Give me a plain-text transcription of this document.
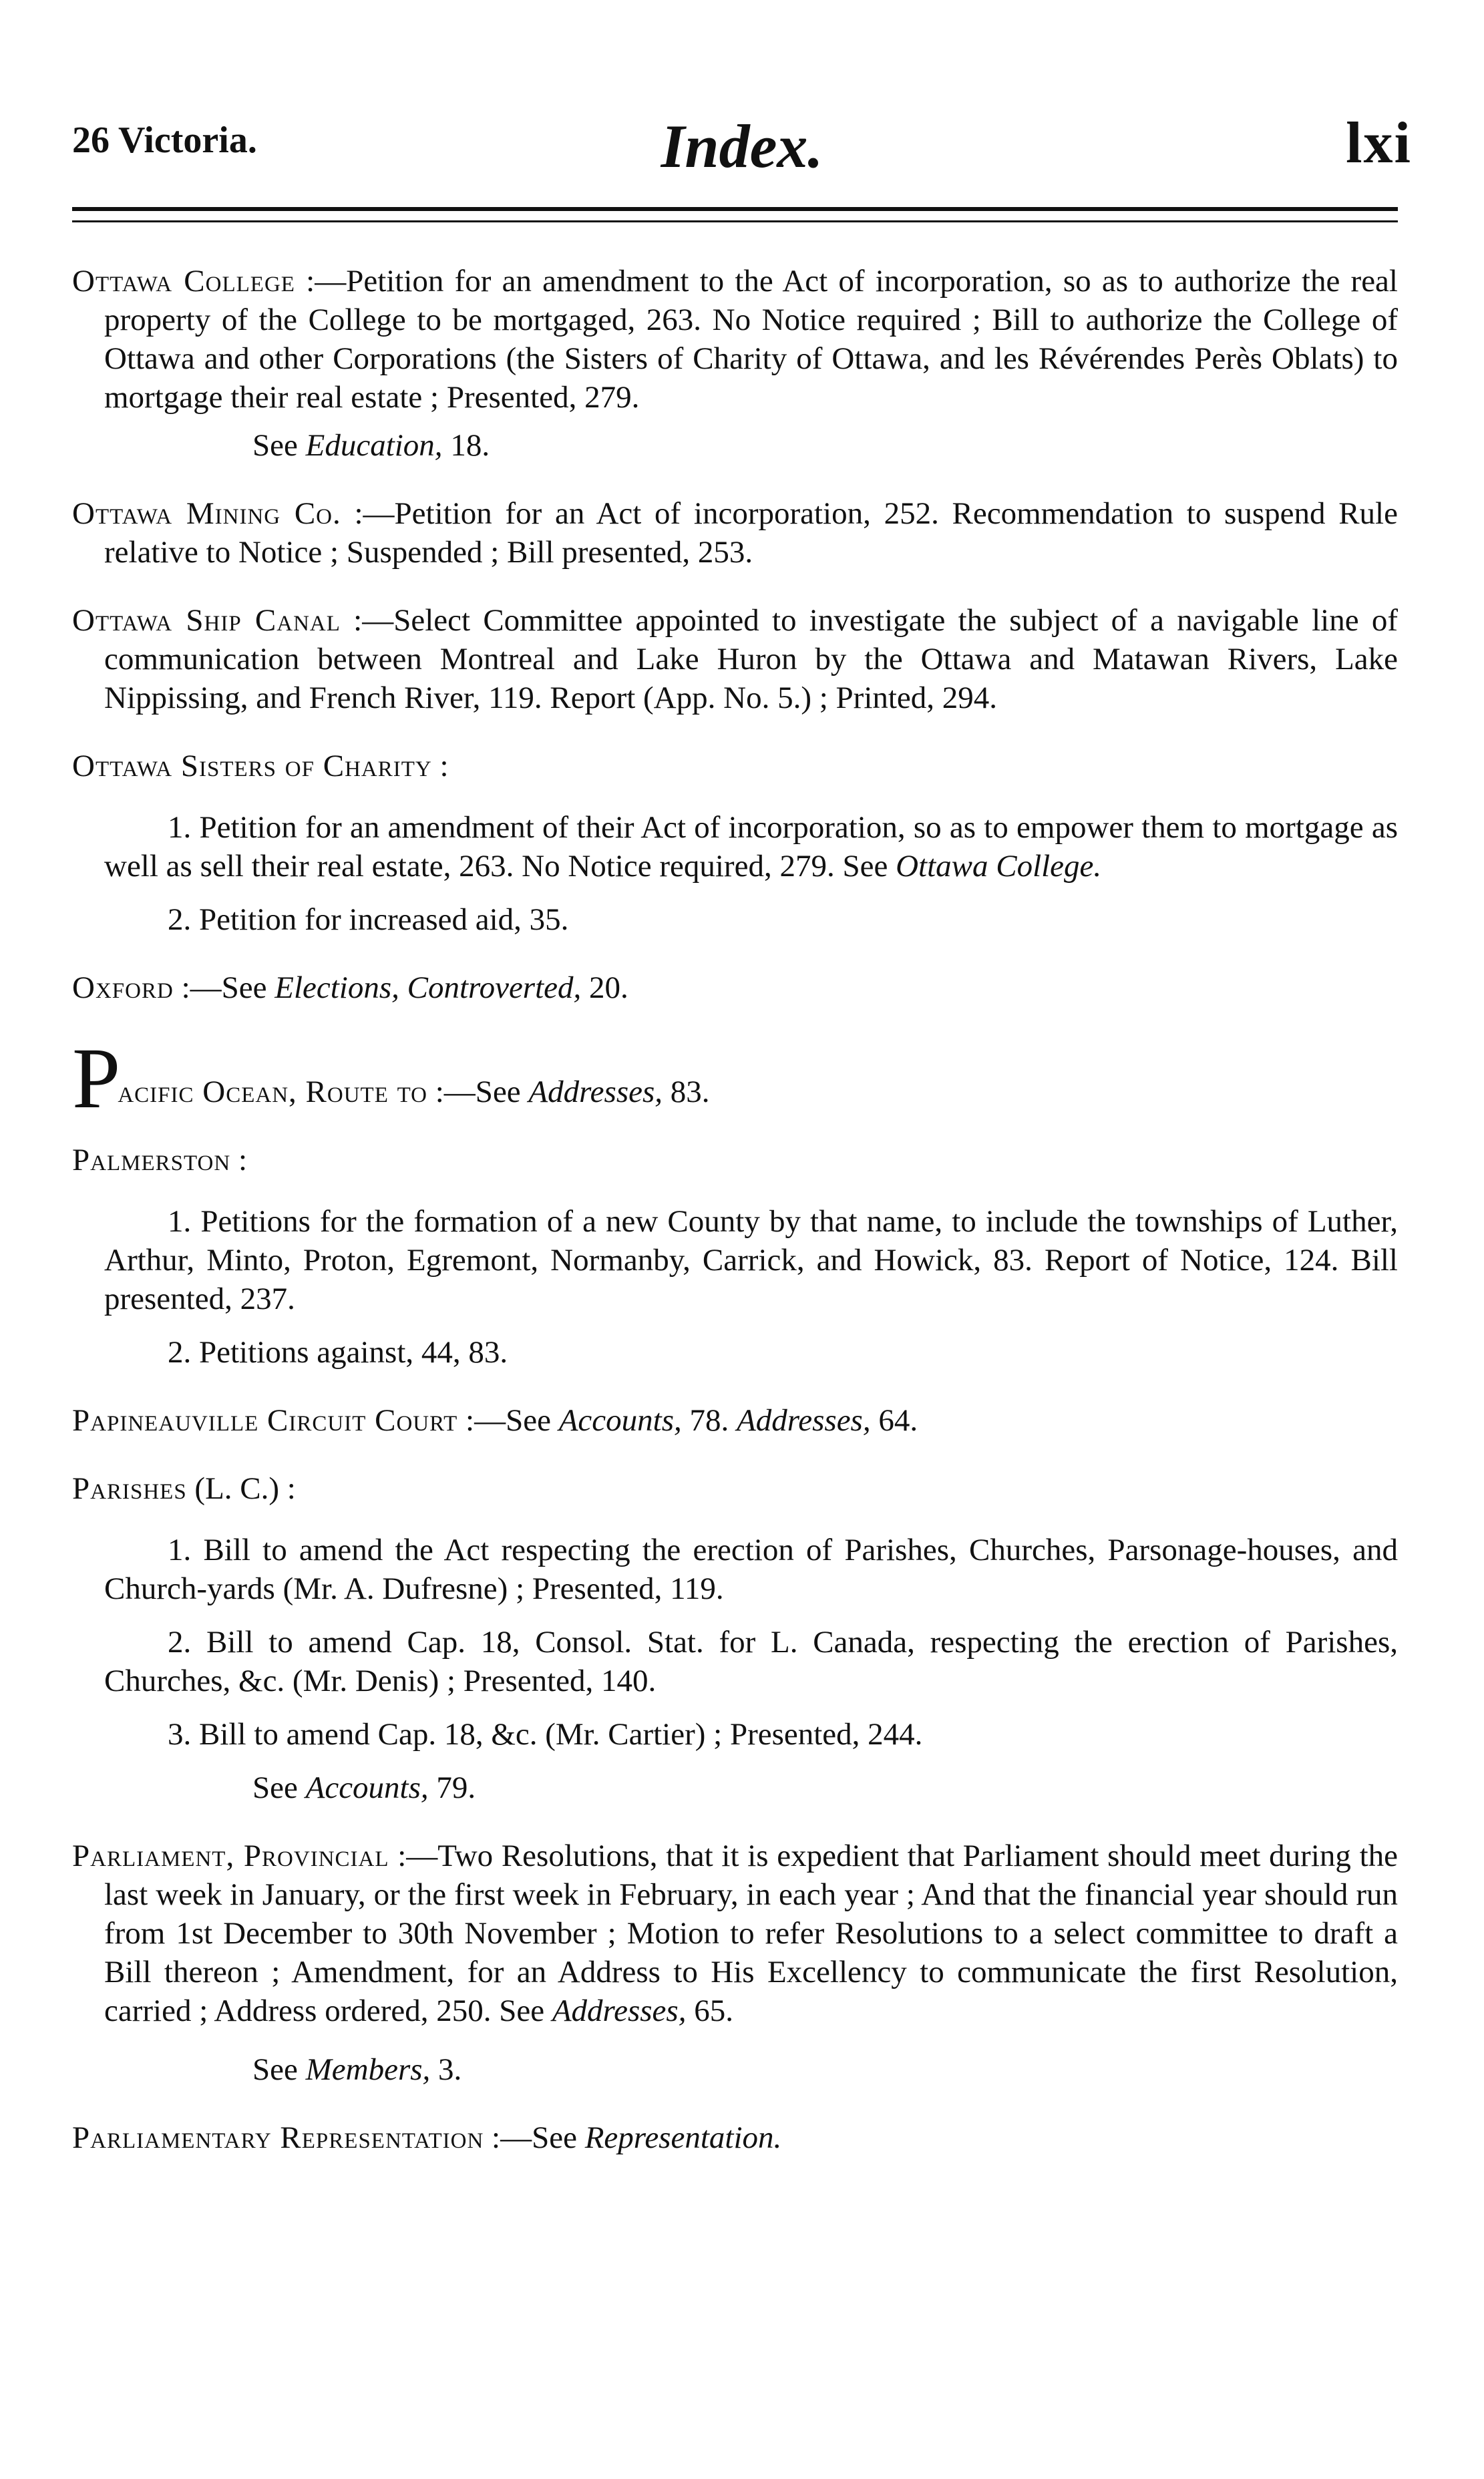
26 Victoria.	Index.	lxi

Ottawa College :—Petition for an amendment to the Act of incorporation, so as to authorize the real property of the College to be mortgaged, 263. No Notice required ; Bill to authorize the College of Ottawa and other Corporations (the Sisters of Charity of Ottawa, and les Révérendes Perès Oblats) to mortgage their real estate ; Presented, 279.

See Education, 18.

Ottawa Mining Co. :—Petition for an Act of incorporation, 252. Recommendation to suspend Rule relative to Notice ; Suspended ; Bill presented, 253.

Ottawa Ship Canal :—Select Committee appointed to investigate the subject of a navigable line of communication between Montreal and Lake Huron by the Ottawa and Matawan Rivers, Lake Nippissing, and French River, 119. Report (App. No. 5.) ; Printed, 294.

Ottawa Sisters of Charity :

1. Petition for an amendment of their Act of incorporation, so as to empower them to mortgage as well as sell their real estate, 263. No Notice required, 279. See Ottawa College.

2. Petition for increased aid, 35.

Oxford :—See Elections, Controverted, 20.

Pacific Ocean, Route to :—See Addresses, 83.

Palmerston :

1. Petitions for the formation of a new County by that name, to include the townships of Luther, Arthur, Minto, Proton, Egremont, Normanby, Carrick, and Howick, 83. Report of Notice, 124. Bill presented, 237.

2. Petitions against, 44, 83.

Papineauville Circuit Court :—See Accounts, 78. Addresses, 64.

Parishes (L. C.) :

1. Bill to amend the Act respecting the erection of Parishes, Churches, Parsonage-houses, and Church-yards (Mr. A. Dufresne) ; Presented, 119.

2. Bill to amend Cap. 18, Consol. Stat. for L. Canada, respecting the erection of Parishes, Churches, &c. (Mr. Denis) ; Presented, 140.

3. Bill to amend Cap. 18, &c. (Mr. Cartier) ; Presented, 244.

See Accounts, 79.

Parliament, Provincial :—Two Resolutions, that it is expedient that Parliament should meet during the last week in January, or the first week in February, in each year ; And that the financial year should run from 1st December to 30th November ; Motion to refer Resolutions to a select committee to draft a Bill thereon ; Amendment, for an Address to His Excellency to communicate the first Resolution, carried ; Address ordered, 250. See Addresses, 65.

See Members, 3.

Parliamentary Representation :—See Representation.
